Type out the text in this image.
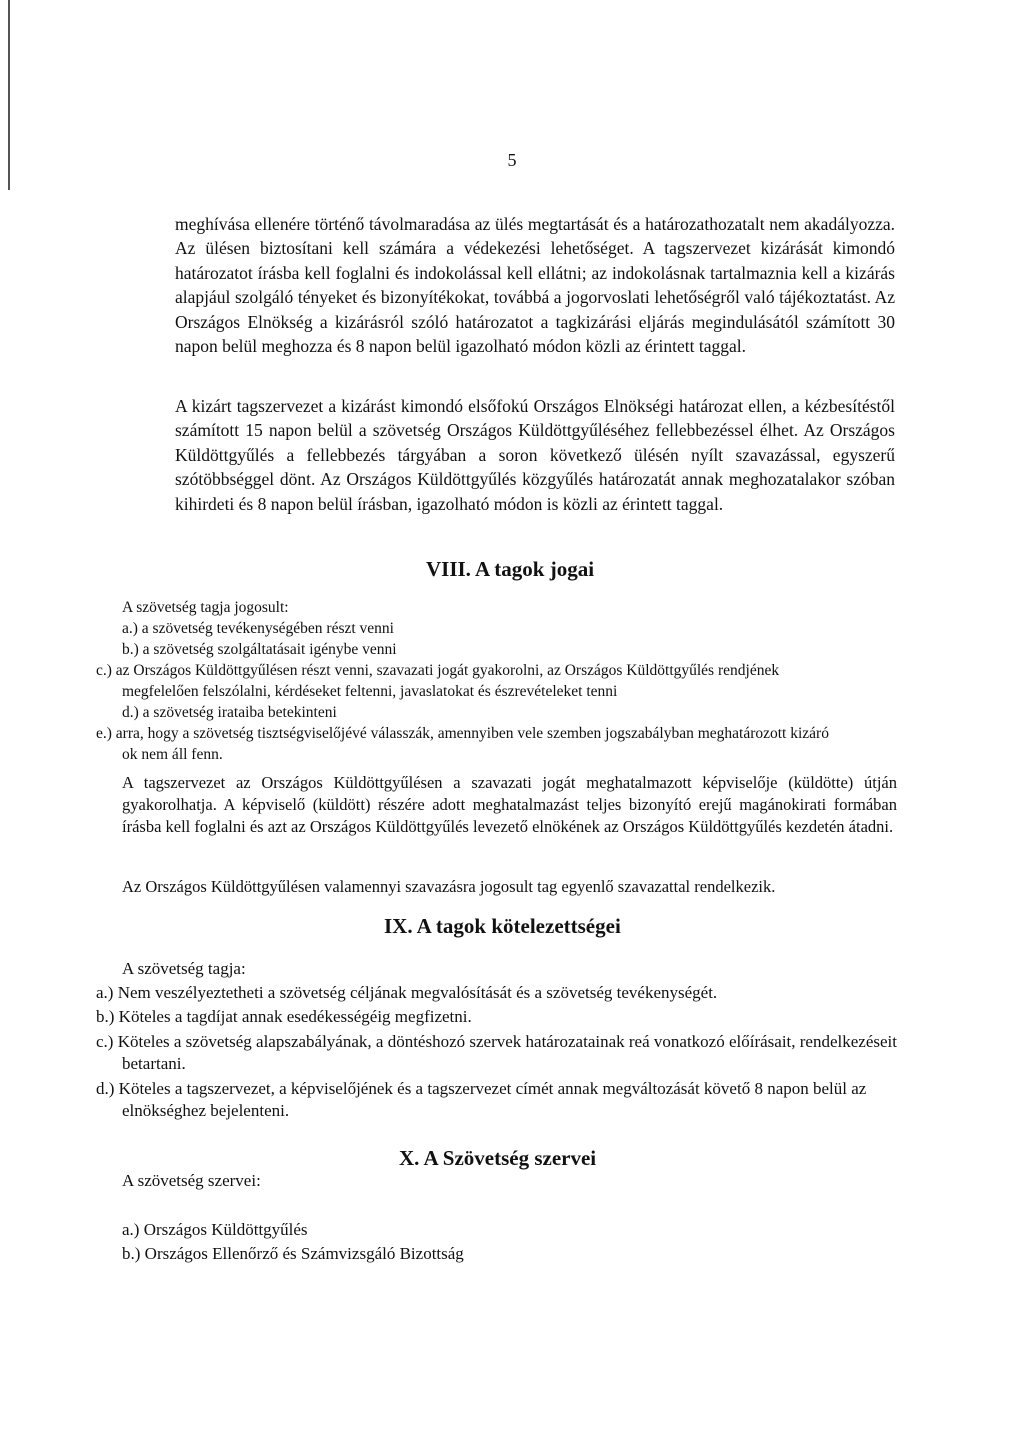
5

meghívása ellenére történő távolmaradása az ülés megtartását és a határozathozatalt nem akadályozza. Az ülésen biztosítani kell számára a védekezési lehetőséget. A tagszervezet kizárását kimondó határozatot írásba kell foglalni és indokolással kell ellátni; az indokolásnak tartalmaznia kell a kizárás alapjául szolgáló tényeket és bizonyítékokat, továbbá a jogorvoslati lehetőségről való tájékoztatást. Az Országos Elnökség a kizárásról szóló határozatot a tagkizárási eljárás megindulásától számított 30 napon belül meghozza és 8 napon belül igazolható módon közli az érintett taggal.

A kizárt tagszervezet a kizárást kimondó elsőfokú Országos Elnökségi határozat ellen, a kézbesítéstől számított 15 napon belül a szövetség Országos Küldöttgyűléséhez fellebbezéssel élhet. Az Országos Küldöttgyűlés a fellebbezés tárgyában a soron következő ülésén nyílt szavazással, egyszerű szótöbbséggel dönt. Az Országos Küldöttgyűlés közgyűlés határozatát annak meghozatalakor szóban kihirdeti és 8 napon belül írásban, igazolható módon is közli az érintett taggal.

VIII. A tagok jogai
A szövetség tagja jogosult:
a.) a szövetség tevékenységében részt venni
b.) a szövetség szolgáltatásait igénybe venni
c.) az Országos Küldöttgyűlésen részt venni, szavazati jogát gyakorolni, az Országos Küldöttgyűlés rendjének megfelelően felszólalni, kérdéseket feltenni, javaslatokat és észrevételeket tenni
d.) a szövetség irataiba betekinteni
e.) arra, hogy a szövetség tisztségviselőjévé válasszák, amennyiben vele szemben jogszabályban meghatározott kizáró ok nem áll fenn.

A tagszervezet az Országos Küldöttgyűlésen a szavazati jogát meghatalmazott képviselője (küldötte) útján gyakorolhatja. A képviselő (küldött) részére adott meghatalmazást teljes bizonyító erejű magánokirati formában írásba kell foglalni és azt az Országos Küldöttgyűlés levezető elnökének az Országos Küldöttgyűlés kezdetén átadni.

Az Országos Küldöttgyűlésen valamennyi szavazásra jogosult tag egyenlő szavazattal rendelkezik.

IX. A tagok kötelezettségei
A szövetség tagja:
a.) Nem veszélyeztetheti a szövetség céljának megvalósítását és a szövetség tevékenységét.
b.) Köteles a tagdíjat annak esedékességéig megfizetni.
c.) Köteles a szövetség alapszabályának, a döntéshozó szervek határozatainak reá vonatkozó előírásait, rendelkezéseit betartani.
d.) Köteles a tagszervezet, a képviselőjének és a tagszervezet címét annak megváltozását követő 8 napon belül az elnökséghez bejelenteni.
X. A Szövetség szervei
A szövetség szervei:
a.) Országos Küldöttgyűlés
b.) Országos Ellenőrző és Számvizsgáló Bizottság
